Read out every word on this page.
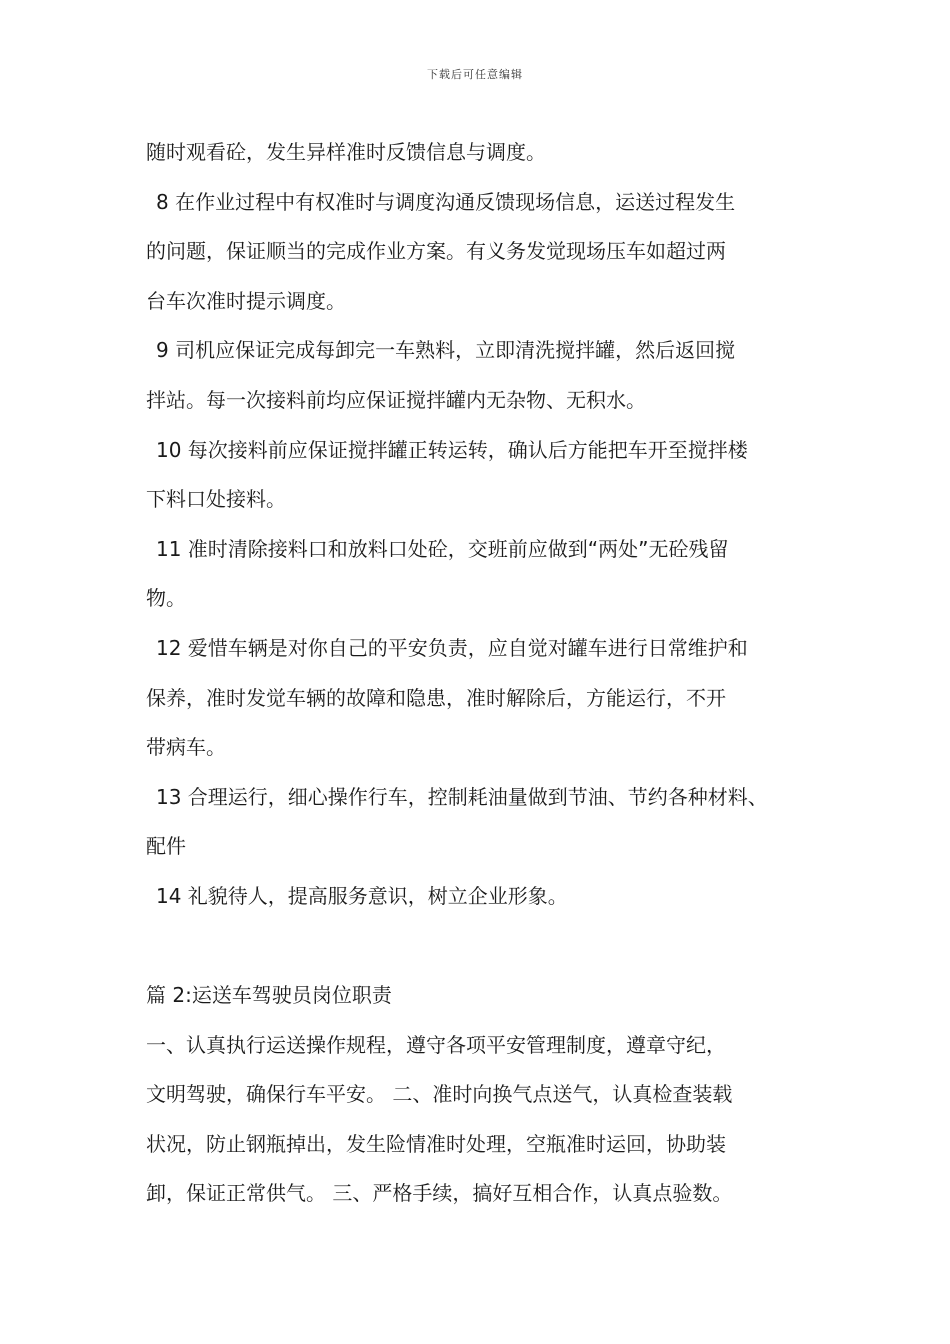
下载后可任意编辑
随时观看砼，发生异样准时反馈信息与调度。
8 在作业过程中有权准时与调度沟通反馈现场信息，运送过程发生
的问题，保证顺当的完成作业方案。有义务发觉现场压车如超过两
台车次准时提示调度。
9 司机应保证完成每卸完一车熟料，立即清洗搅拌罐，然后返回搅
拌站。每一次接料前均应保证搅拌罐内无杂物、无积水。
10 每次接料前应保证搅拌罐正转运转，确认后方能把车开至搅拌楼
下料口处接料。
11 准时清除接料口和放料口处砼，交班前应做到“两处”无砼残留
物。
12 爱惜车辆是对你自己的平安负责，应自觉对罐车进行日常维护和
保养，准时发觉车辆的故障和隐患，准时解除后，方能运行，不开
带病车。
13 合理运行，细心操作行车，控制耗油量做到节油、节约各种材料、
配件
14 礼貌待人，提高服务意识，树立企业形象。
篇 2:运送车驾驶员岗位职责
一、认真执行运送操作规程，遵守各项平安管理制度，遵章守纪，
文明驾驶，确保行车平安。 二、准时向换气点送气，认真检查装载
状况，防止钢瓶掉出，发生险情准时处理，空瓶准时运回，协助装
卸，保证正常供气。 三、严格手续，搞好互相合作，认真点验数。
